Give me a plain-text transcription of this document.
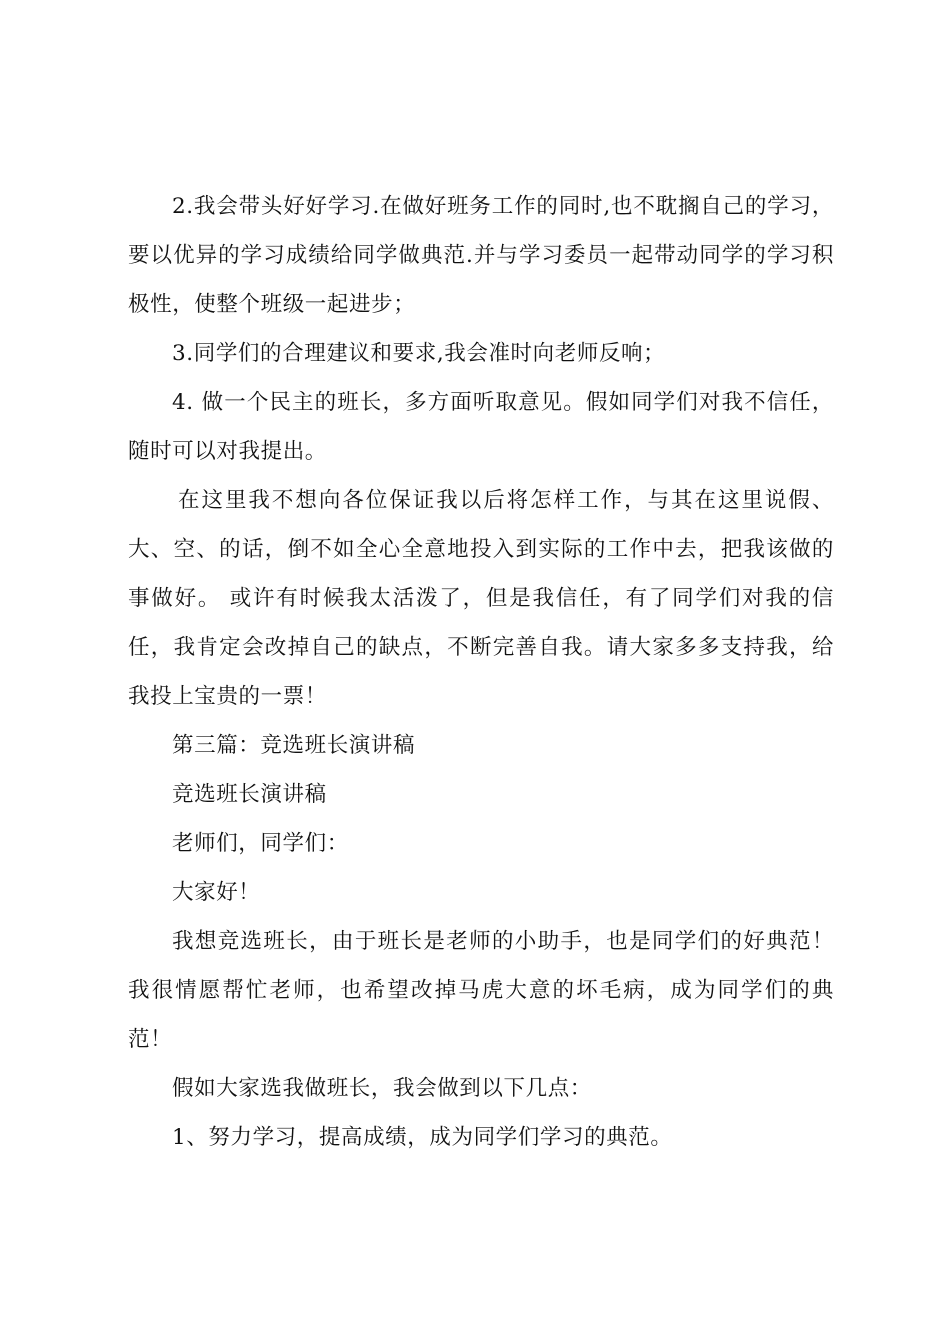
2.我会带头好好学习.在做好班务工作的同时,也不耽搁自己的学习，要以优异的学习成绩给同学做典范.并与学习委员一起带动同学的学习积极性，使整个班级一起进步；

3.同学们的合理建议和要求,我会准时向老师反响；

4. 做一个民主的班长，多方面听取意见。假如同学们对我不信任，随时可以对我提出。

在这里我不想向各位保证我以后将怎样工作，与其在这里说假、大、空、的话，倒不如全心全意地投入到实际的工作中去，把我该做的事做好。 或许有时候我太活泼了，但是我信任，有了同学们对我的信任，我肯定会改掉自己的缺点，不断完善自我。请大家多多支持我，给我投上宝贵的一票！

第三篇：竞选班长演讲稿

竞选班长演讲稿

老师们，同学们：

大家好！

我想竞选班长，由于班长是老师的小助手，也是同学们的好典范！我很情愿帮忙老师，也希望改掉马虎大意的坏毛病，成为同学们的典范！

假如大家选我做班长，我会做到以下几点：

1、努力学习，提高成绩，成为同学们学习的典范。
